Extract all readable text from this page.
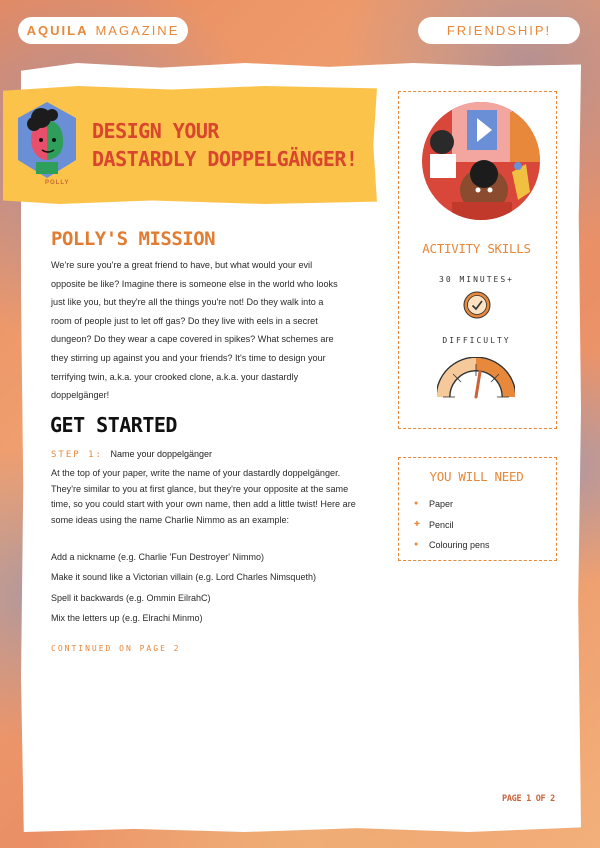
AQUILA MAGAZINE	FRIENDSHIP!
POLLY
DESIGN YOUR
DASTARDLY DOPPELGÄNGER!
POLLY'S MISSION

We're sure you're a great friend to have, but what would your evil opposite be like? Imagine there is someone else in the world who looks just like you, but they're all the things you're not! Do they walk into a room of people just to let off gas? Do they live with eels in a secret dungeon? Do they wear a cape covered in spikes? What schemes are they stirring up against you and your friends? It's time to design your terrifying twin, a.k.a. your crooked clone, a.k.a. your dastardly doppelgänger!

GET STARTED
STEP 1: Name your doppelgänger

At the top of your paper, write the name of your dastardly doppelgänger. They're similar to you at first glance, but they're your opposite at the same time, so you could start with your own name, then add a little twist! Here are some ideas using the name Charlie Nimmo as an example:

Add a nickname (e.g. Charlie 'Fun Destroyer' Nimmo)
Make it sound like a Victorian villain (e.g. Lord Charles Nimsqueth)
Spell it backwards (e.g. Ommin EilrahC)
Mix the letters up (e.g. Elrachi Minmo)
CONTINUED ON PAGE 2
ACTIVITY SKILLS
30 MINUTES+
DIFFICULTY
YOU WILL NEED
●	Paper
✚	Pencil
●	Colouring pens
PAGE 1 OF 2
